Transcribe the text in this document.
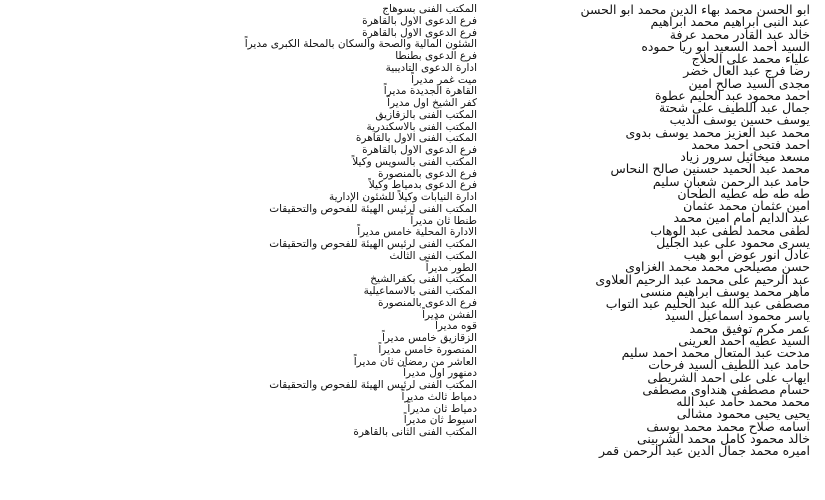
ابو الحسن محمد بهاء الدين محمد ابو الحسن
عبد النبى ابراهيم محمد ابراهيم
خالد عبد القادر محمد عرفة
السيد احمد السعيد ابو ريا حموده
علياء محمد على الحلاج
رضا فرج عبد العال خضر
مجدى السيد صالح امين
احمد محمود عبد الحليم عطوة
جمال عبد اللطيف على شحتة
يوسف حسين يوسف الديب
محمد عبد العزيز محمد يوسف بدوى
احمد فتحى احمد محمد
مسعد ميخائيل سرور زياد
محمد عبد الحميد حسنين صالح النحاس
حامد عبد الرحمن شعبان سليم
طه طه طه عطيه الطحان
امين عثمان محمد عثمان
عبد الدايم امام امين محمد
لطفى محمد لطفى عبد الوهاب
يسرى محمود على عبد الجليل
عادل انور عوض ابو هيب
حسن مصيلحى محمد محمد الغزاوى
عبد الرحيم على محمد عبد الرحيم العلاوى
ماهر محمد يوسف ابراهيم منسى
مصطفى عبد الله عبد الحليم عبد التواب
ياسر محمود اسماعيل السيد
عمر مكرم توفيق محمد
السيد عطيه احمد العرينى
مدحت عبد المتعال محمد احمد سليم
حامد عبد اللطيف السيد فرحات
ايهاب على على احمد الشريطى
حسام مصطفى هنداوى مصطفى
محمد محمد حامد عبد الله
يحيى يحيى محمود مشالى
اسامه صلاح محمد محمد يوسف
خالد محمود كامل محمد الشربينى
اميره محمد جمال الدين عبد الرحمن قمر
المكتب الفنى بسوهاج
فرع الدعوى الاول بالقاهرة
فرع الدعوى الاول بالقاهرة
الشئون المالية والصحة والسكان بالمحلة الكبرى مديراً
فرع الدعوى بطنطا
ادارة الدعوى التاديبية
ميت غمر مديراً
القاهرة الجديدة مديراً
كفر الشيخ اول مديراً
المكتب الفنى بالزقازيق
المكتب الفنى بالاسكندرية
المكتب الفنى الاول بالقاهرة
فرع الدعوى الاول بالقاهرة
المكتب الفنى بالسويس وكيلاً
فرع الدعوى بالمنصورة
فرع الدعوى بدمياط وكيلاً
ادارة النيابات وكيلاً للشئون الإدارية
المكتب الفنى لرئيس الهيئة للفحوص والتحقيقات
طنطا ثان مديراً
الادارة المحلية خامس مديراً
المكتب الفنى لرئيس الهيئة للفحوص والتحقيقات
المكتب الفنى الثالث
الطور مديراً
المكتب الفنى بكفرالشيخ
المكتب الفنى بالاسماعيلية
فرع الدعوى بالمنصورة
الفشن مديراً
قوه مديراً
الزقازيق خامس مديراً
المنصورة خامس مديراً
العاشر من رمضان ثان مديراً
دمنهور اول مديراً
المكتب الفنى لرئيس الهيئة للفحوص والتحقيقات
دمياط ثالث مديراً
دمياط ثان مديراً
اسيوط ثان مديراً
المكتب الفنى الثانى بالقاهرة
